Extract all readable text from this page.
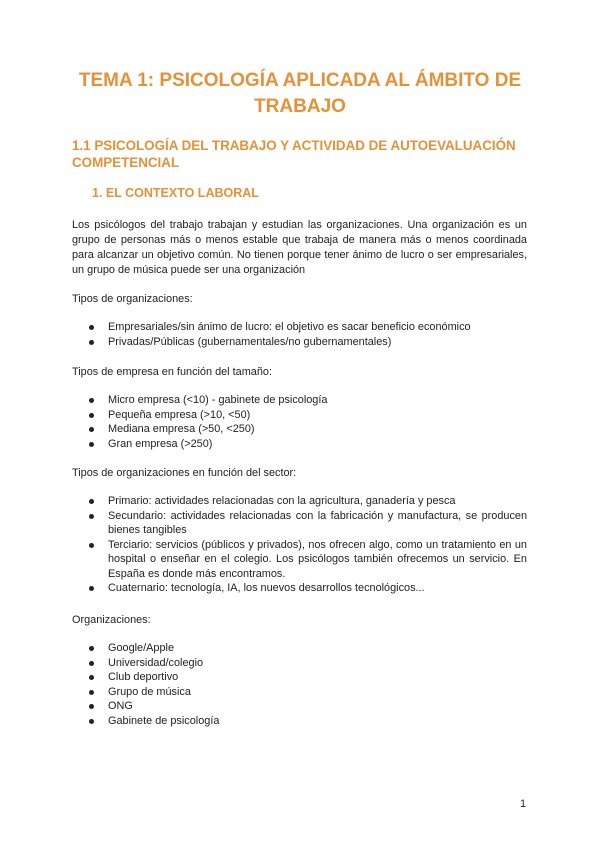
TEMA 1: PSICOLOGÍA APLICADA AL ÁMBITO DE TRABAJO
1.1 PSICOLOGÍA DEL TRABAJO Y ACTIVIDAD DE AUTOEVALUACIÓN COMPETENCIAL
1. EL CONTEXTO LABORAL

Los psicólogos del trabajo trabajan y estudian las organizaciones. Una organización es un grupo de personas más o menos estable que trabaja de manera más o menos coordinada para alcanzar un objetivo común. No tienen porque tener ánimo de lucro o ser empresariales, un grupo de música puede ser una organización

Tipos de organizaciones:

Empresariales/sin ánimo de lucro: el objetivo es sacar beneficio económico
Privadas/Públicas (gubernamentales/no gubernamentales)

Tipos de empresa en función del tamaño:

Micro empresa (<10) - gabinete de psicología
Pequeña empresa (>10, <50)
Mediana empresa (>50, <250)
Gran empresa (>250)

Tipos de organizaciones en función del sector:

Primario: actividades relacionadas con la agricultura, ganadería y pesca
Secundario: actividades relacionadas con la fabricación y manufactura, se producen bienes tangibles
Terciario: servicios (públicos y privados), nos ofrecen algo, como un tratamiento en un hospital o enseñar en el colegio. Los psicólogos también ofrecemos un servicio. En España es donde más encontramos.
Cuaternario: tecnología, IA, los nuevos desarrollos tecnológicos...

Organizaciones:

Google/Apple
Universidad/colegio
Club deportivo
Grupo de música
ONG
Gabinete de psicología
1
